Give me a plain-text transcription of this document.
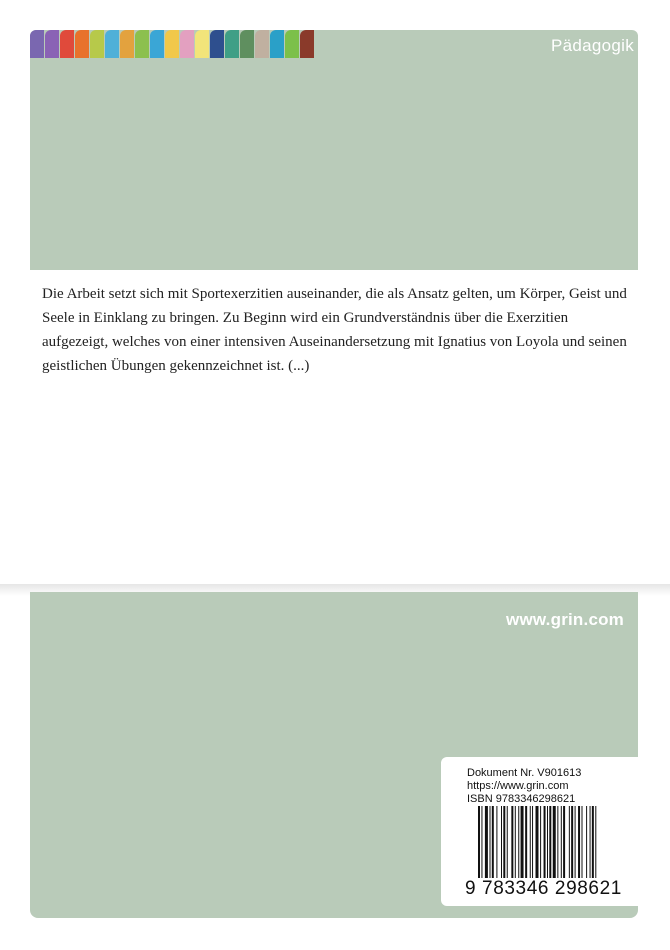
Pädagogik

Die Arbeit setzt sich mit Sportexerzitien auseinander, die als Ansatz gelten, um Körper, Geist und Seele in Einklang zu bringen. Zu Beginn wird ein Grundverständnis über die Exerzitien aufgezeigt, welches von einer intensiven Auseinandersetzung mit Ignatius von Loyola und seinen geistlichen Übungen gekennzeichnet ist. (...)

www.grin.com
Dokument Nr. V901613
https://www.grin.com
ISBN 9783346298621
9 783346 298621
